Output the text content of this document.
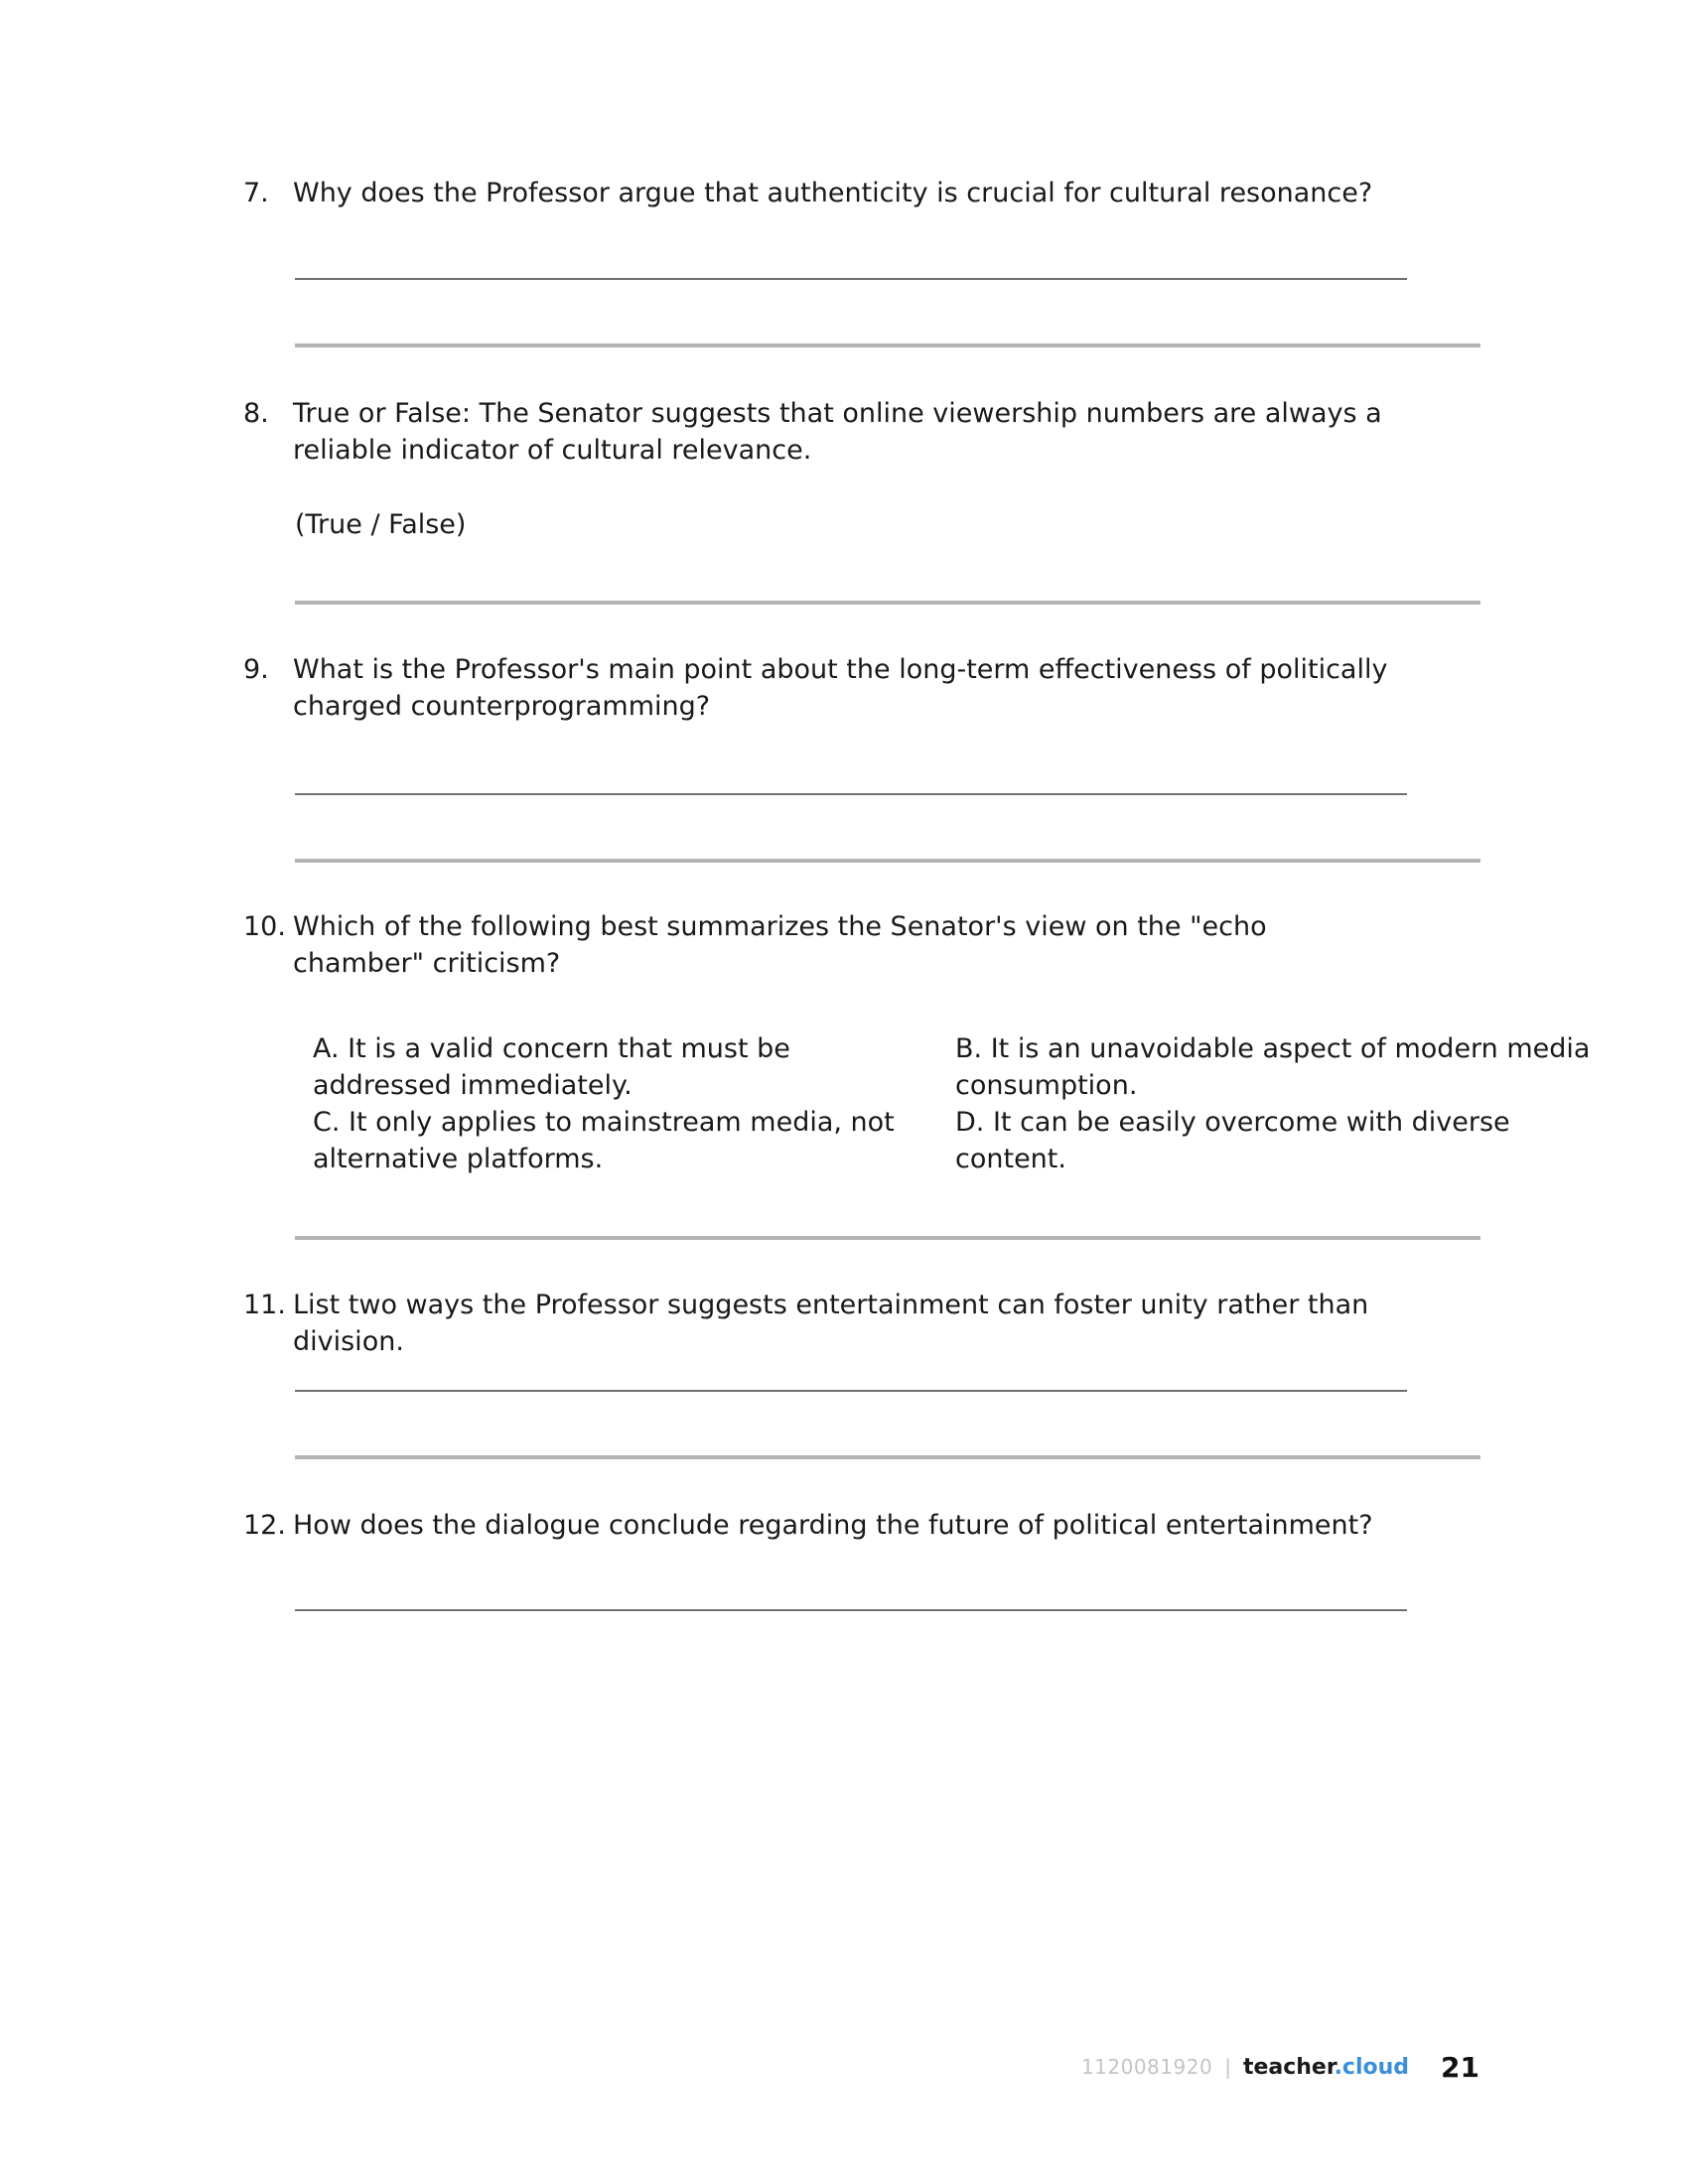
7. Why does the Professor argue that authenticity is crucial for cultural resonance?
8. True or False: The Senator suggests that online viewership numbers are always a reliable indicator of cultural relevance.
(True / False)
9. What is the Professor's main point about the long-term effectiveness of politically charged counterprogramming?
10. Which of the following best summarizes the Senator's view on the "echo chamber" criticism?
A. It is a valid concern that must be addressed immediately.
B. It is an unavoidable aspect of modern media consumption.
C. It only applies to mainstream media, not alternative platforms.
D. It can be easily overcome with diverse content.
11. List two ways the Professor suggests entertainment can foster unity rather than division.
12. How does the dialogue conclude regarding the future of political entertainment?
1120081920 | teacher.cloud 21
